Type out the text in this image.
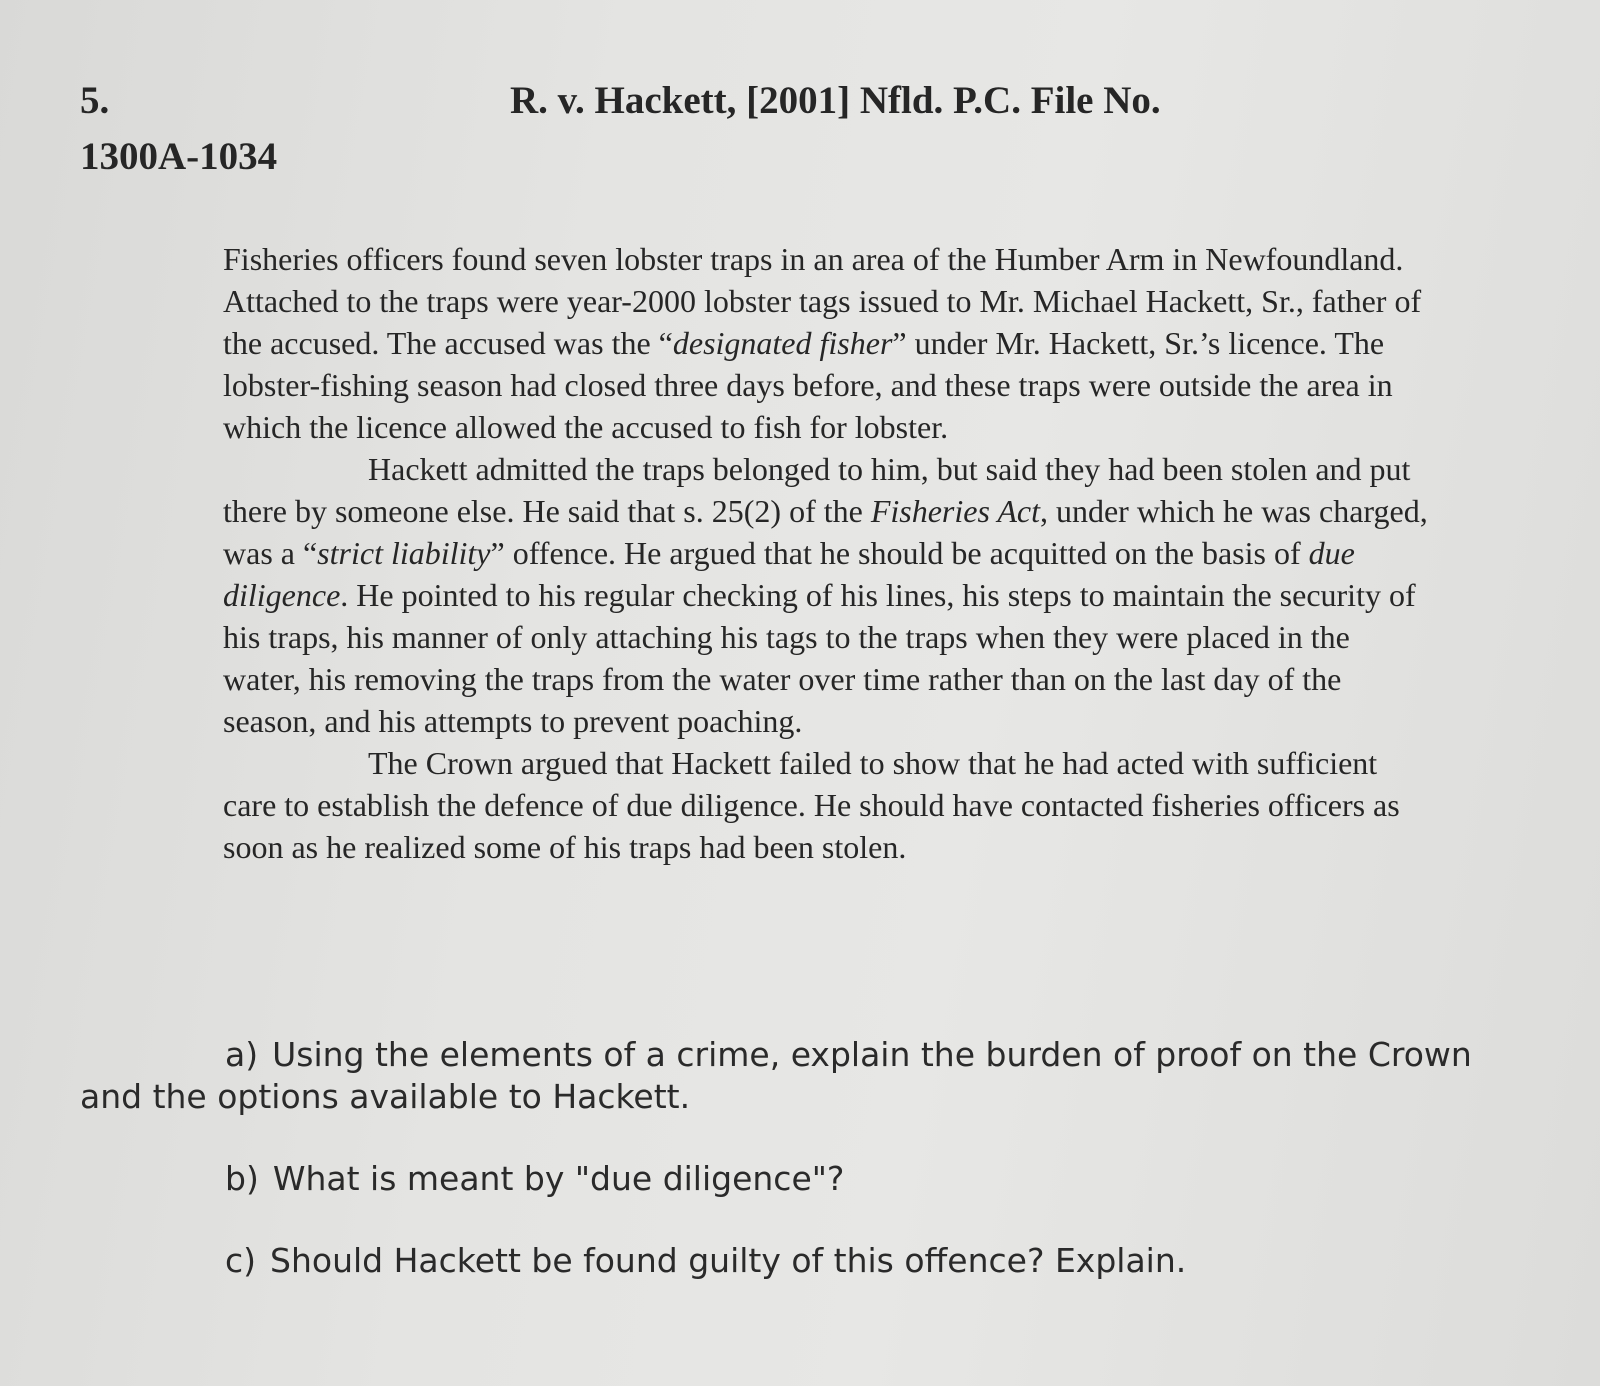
5.	R. v. Hackett, [2001] Nfld. P.C. File No.
1300A-1034

Fisheries officers found seven lobster traps in an area of the Humber Arm in Newfoundland. Attached to the traps were year-2000 lobster tags issued to Mr. Michael Hackett, Sr., father of the accused. The accused was the “designated fisher” under Mr. Hackett, Sr.’s licence. The lobster-fishing season had closed three days before, and these traps were outside the area in which the licence allowed the accused to fish for lobster.

Hackett admitted the traps belonged to him, but said they had been stolen and put there by someone else. He said that s. 25(2) of the Fisheries Act, under which he was charged, was a “strict liability” offence. He argued that he should be acquitted on the basis of due diligence. He pointed to his regular checking of his lines, his steps to maintain the security of his traps, his manner of only attaching his tags to the traps when they were placed in the water, his removing the traps from the water over time rather than on the last day of the season, and his attempts to prevent poaching.

The Crown argued that Hackett failed to show that he had acted with sufficient care to establish the defence of due diligence. He should have contacted fisheries officers as soon as he realized some of his traps had been stolen.

a) Using the elements of a crime, explain the burden of proof on the Crown and the options available to Hackett.
b) What is meant by "due diligence"?
c) Should Hackett be found guilty of this offence? Explain.
